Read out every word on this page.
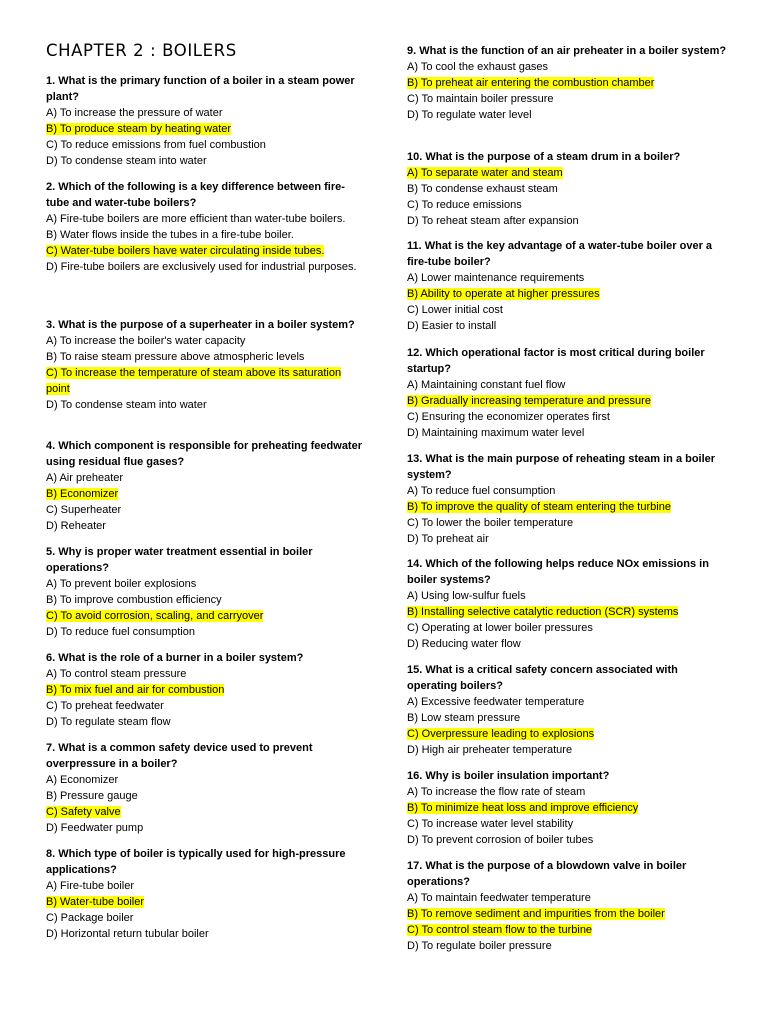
CHAPTER 2 : BOILERS

1. What is the primary function of a boiler in a steam power plant?

A) To increase the pressure of water

B) To produce steam by heating water

C) To reduce emissions from fuel combustion

D) To condense steam into water

2. Which of the following is a key difference between fire-tube and water-tube boilers?

A) Fire-tube boilers are more efficient than water-tube boilers.

B) Water flows inside the tubes in a fire-tube boiler.

C) Water-tube boilers have water circulating inside tubes.

D) Fire-tube boilers are exclusively used for industrial purposes.

3. What is the purpose of a superheater in a boiler system?

A) To increase the boiler's water capacity

B) To raise steam pressure above atmospheric levels

C) To increase the temperature of steam above its saturation point

D) To condense steam into water

4. Which component is responsible for preheating feedwater using residual flue gases?

A) Air preheater

B) Economizer

C) Superheater

D) Reheater

5. Why is proper water treatment essential in boiler operations?

A) To prevent boiler explosions

B) To improve combustion efficiency

C) To avoid corrosion, scaling, and carryover

D) To reduce fuel consumption

6. What is the role of a burner in a boiler system?

A) To control steam pressure

B) To mix fuel and air for combustion

C) To preheat feedwater

D) To regulate steam flow

7. What is a common safety device used to prevent overpressure in a boiler?

A) Economizer

B) Pressure gauge

C) Safety valve

D) Feedwater pump

8. Which type of boiler is typically used for high-pressure applications?

A) Fire-tube boiler

B) Water-tube boiler

C) Package boiler

D) Horizontal return tubular boiler

9. What is the function of an air preheater in a boiler system?

A) To cool the exhaust gases

B) To preheat air entering the combustion chamber

C) To maintain boiler pressure

D) To regulate water level

10. What is the purpose of a steam drum in a boiler?

A) To separate water and steam

B) To condense exhaust steam

C) To reduce emissions

D) To reheat steam after expansion

11. What is the key advantage of a water-tube boiler over a fire-tube boiler?

A) Lower maintenance requirements

B) Ability to operate at higher pressures

C) Lower initial cost

D) Easier to install

12. Which operational factor is most critical during boiler startup?

A) Maintaining constant fuel flow

B) Gradually increasing temperature and pressure

C) Ensuring the economizer operates first

D) Maintaining maximum water level

13. What is the main purpose of reheating steam in a boiler system?

A) To reduce fuel consumption

B) To improve the quality of steam entering the turbine

C) To lower the boiler temperature

D) To preheat air

14. Which of the following helps reduce NOx emissions in boiler systems?

A) Using low-sulfur fuels

B) Installing selective catalytic reduction (SCR) systems

C) Operating at lower boiler pressures

D) Reducing water flow

15. What is a critical safety concern associated with operating boilers?

A) Excessive feedwater temperature

B) Low steam pressure

C) Overpressure leading to explosions

D) High air preheater temperature

16. Why is boiler insulation important?

A) To increase the flow rate of steam

B) To minimize heat loss and improve efficiency

C) To increase water level stability

D) To prevent corrosion of boiler tubes

17. What is the purpose of a blowdown valve in boiler operations?

A) To maintain feedwater temperature

B) To remove sediment and impurities from the boiler

C) To control steam flow to the turbine

D) To regulate boiler pressure
